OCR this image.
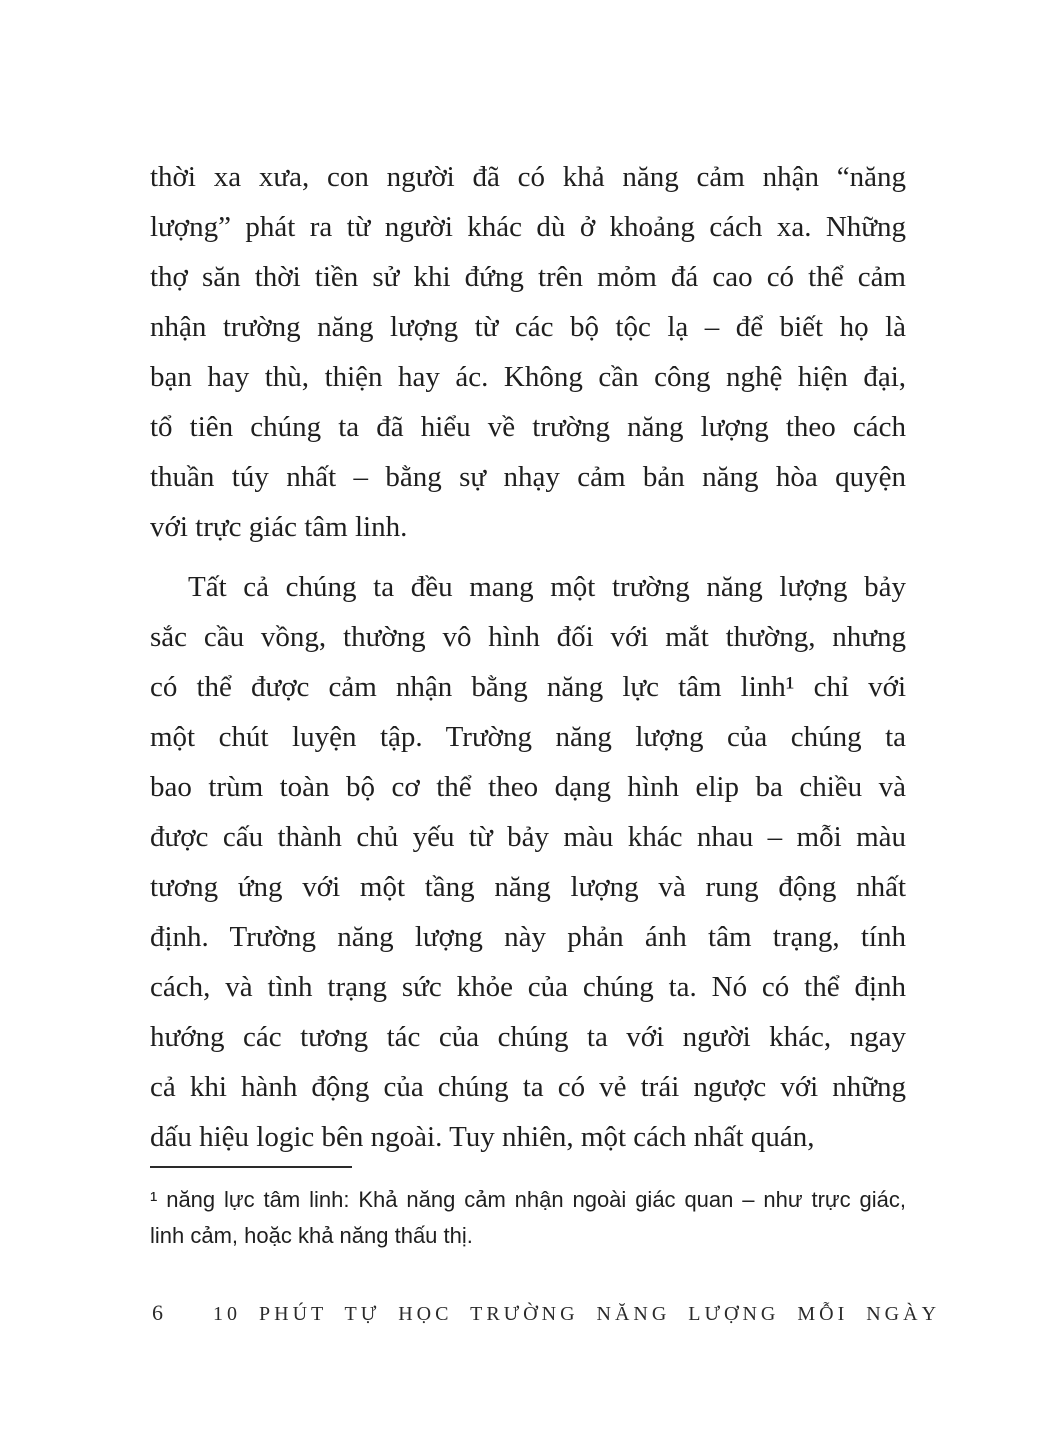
thời xa xưa, con người đã có khả năng cảm nhận “năng
lượng” phát ra từ người khác dù ở khoảng cách xa. Những
thợ săn thời tiền sử khi đứng trên mỏm đá cao có thể cảm
nhận trường năng lượng từ các bộ tộc lạ – để biết họ là
bạn hay thù, thiện hay ác. Không cần công nghệ hiện đại,
tổ tiên chúng ta đã hiểu về trường năng lượng theo cách
thuần túy nhất – bằng sự nhạy cảm bản năng hòa quyện
với trực giác tâm linh.
Tất cả chúng ta đều mang một trường năng lượng bảy
sắc cầu vồng, thường vô hình đối với mắt thường, nhưng
có thể được cảm nhận bằng năng lực tâm linh¹ chỉ với
một chút luyện tập. Trường năng lượng của chúng ta
bao trùm toàn bộ cơ thể theo dạng hình elip ba chiều và
được cấu thành chủ yếu từ bảy màu khác nhau – mỗi màu
tương ứng với một tầng năng lượng và rung động nhất
định. Trường năng lượng này phản ánh tâm trạng, tính
cách, và tình trạng sức khỏe của chúng ta. Nó có thể định
hướng các tương tác của chúng ta với người khác, ngay
cả khi hành động của chúng ta có vẻ trái ngược với những
dấu hiệu logic bên ngoài. Tuy nhiên, một cách nhất quán,
¹ năng lực tâm linh: Khả năng cảm nhận ngoài giác quan – như trực giác,
linh cảm, hoặc khả năng thấu thị.
6	10 PHÚT TỰ HỌC TRƯỜNG NĂNG LƯỢNG MỖI NGÀY
